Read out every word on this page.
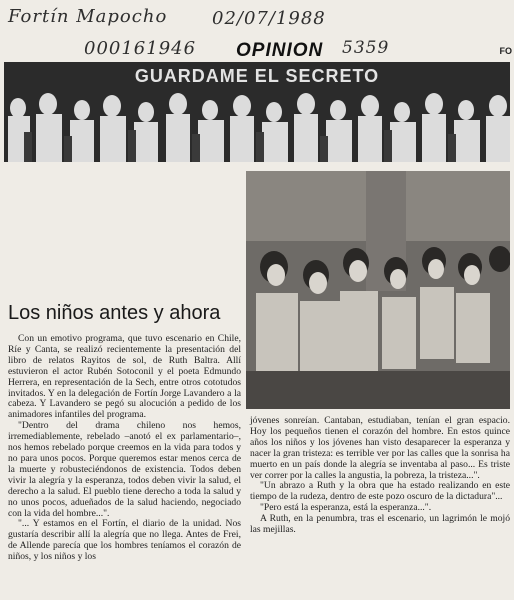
Fortín Mapocho 02/07/1988
000161946	5359
OPINION	FO
GUARDAME EL SECRETO
Los niños antes y ahora

Con un emotivo programa, que tuvo escenario en Chile, Ríe y Canta, se realizó recientemente la presentación del libro de relatos Rayitos de sol, de Ruth Baltra. Allí estuvieron el actor Rubén Sotoconil y el poeta Edmundo Herrera, en representación de la Sech, entre otros cototudos invitados. Y en la delegación de Fortín Jorge Lavandero a la cabeza. Y Lavandero se pegó su alocución a pedido de los animadores infantiles del programa.

"Dentro del drama chileno nos hemos, irremediablemente, rebelado –anotó el ex parlamentario–, nos hemos rebelado porque creemos en la vida para todos y no para unos pocos. Porque queremos estar menos cerca de la muerte y robusteciéndonos de existencia. Todos deben vivir la alegría y la esperanza, todos deben vivir la salud, el derecho a la salud. El pueblo tiene derecho a toda la salud y no unos pocos, adueñados de la salud haciendo, negociado con la vida del hombre...".

"... Y estamos en el Fortín, el diario de la unidad. Nos gustaría describir allí la alegría que no llega. Antes de Frei, de Allende parecía que los hombres teníamos el corazón de niños, y los niños y los

jóvenes sonreían. Cantaban, estudiaban, tenían el gran espacio. Hoy los pequeños tienen el corazón del hombre. En estos quince años los niños y los jóvenes han visto desaparecer la esperanza y nacer la gran tristeza: es terrible ver por las calles que la sonrisa ha muerto en un país donde la alegría se inventaba al paso... Es triste ver correr por la calles la angustia, la pobreza, la tristeza...".

"Un abrazo a Ruth y la obra que ha estado realizando en este tiempo de la rudeza, dentro de este pozo oscuro de la dictadura"...

"Pero está la esperanza, está la esperanza...".

A Ruth, en la penumbra, tras el escenario, un lagrimón le mojó las mejillas.
